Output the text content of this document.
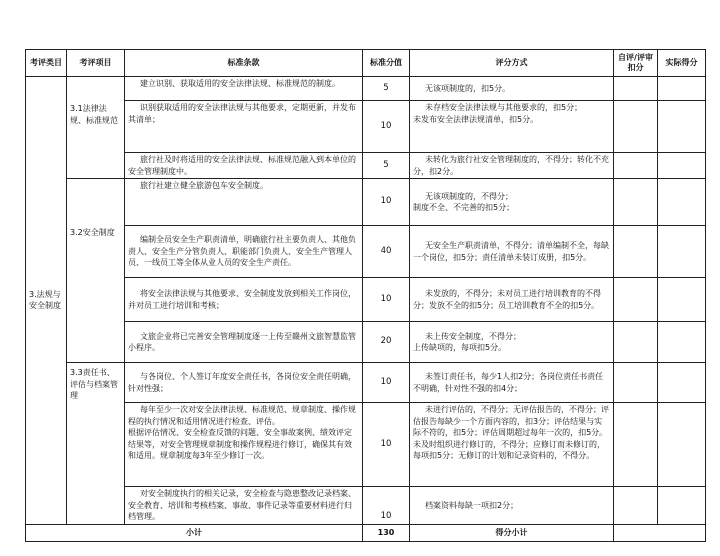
考评类目	考评项目	标准条款	标准分值	评分方式	自评/评审扣分	实际得分
3.法规与安全制度	3.1法律法规、标准规范	建立识别、获取适用的安全法律法规、标准规范的制度。	5	无该项制度的，扣5分。		
		识别获取适用的安全法律法规与其他要求，定期更新，并发布其清单；	10	未存档安全法律法规与其他要求的，扣5分；
未发布安全法律法规清单，扣5分。		
		旅行社及时将适用的安全法律法规、标准规范融入到本单位的安全管理制度中。	5	未转化为旅行社安全管理制度的，不得分；转化不充分，扣2分。		
	3.2安全制度	旅行社建立健全旅游包车安全制度。	10	无该项制度的，不得分；
制度不全、不完善的扣5分；		
		编制全员安全生产职责清单，明确旅行社主要负责人、其他负责人、安全生产分管负责人、职能部门负责人、安全生产管理人员、一线员工等全体从业人员的安全生产责任。	40	无安全生产职责清单，不得分；清单编制不全，每缺一个岗位，扣5分；责任清单未装订成册，扣5分。		
		将安全法律法规与其他要求、安全制度发放到相关工作岗位，并对员工进行培训和考核；	10	未发放的，不得分；未对员工进行培训教育的不得分；发放不全的扣5分；员工培训教育不全的扣5分。		
		文旅企业将已完善安全管理制度逐一上传至赣州文旅智慧监管小程序。	20	未上传安全制度，不得分；
上传缺项的，每项扣5分。		
	3.3责任书、评估与档案管理	与各岗位、个人签订年度安全责任书，各岗位安全责任明确，针对性强；	10	未签订责任书，每少1人扣2分；各岗位责任书责任不明确，针对性不强的扣4分；		
		每年至少一次对安全法律法规、标准规范、规章制度、操作规程的执行情况和适用情况进行检查、评估。
根据评估情况、安全检查反馈的问题、安全事故案例、绩效评定结果等，对安全管理规章制度和操作规程进行修订，确保其有效和适用。规章制度每3年至少修订一次。	10	未进行评估的，不得分；无评估报告的，不得分；评估报告每缺少一个方面内容的，扣3分；评估结果与实际不符的，扣5分；评估周期超过每年一次的，扣5分。未及时组织进行修订的，不得分；应修订而未修订的，每项扣5分；无修订的计划和记录资料的，不得分。		
		对安全制度执行的相关记录，安全检查与隐患整改记录档案、安全教育、培训和考核档案、事故、事件记录等重要材料进行归档管理。	10	档案资料每缺一项扣2分；		
小计			130	得分小计		
